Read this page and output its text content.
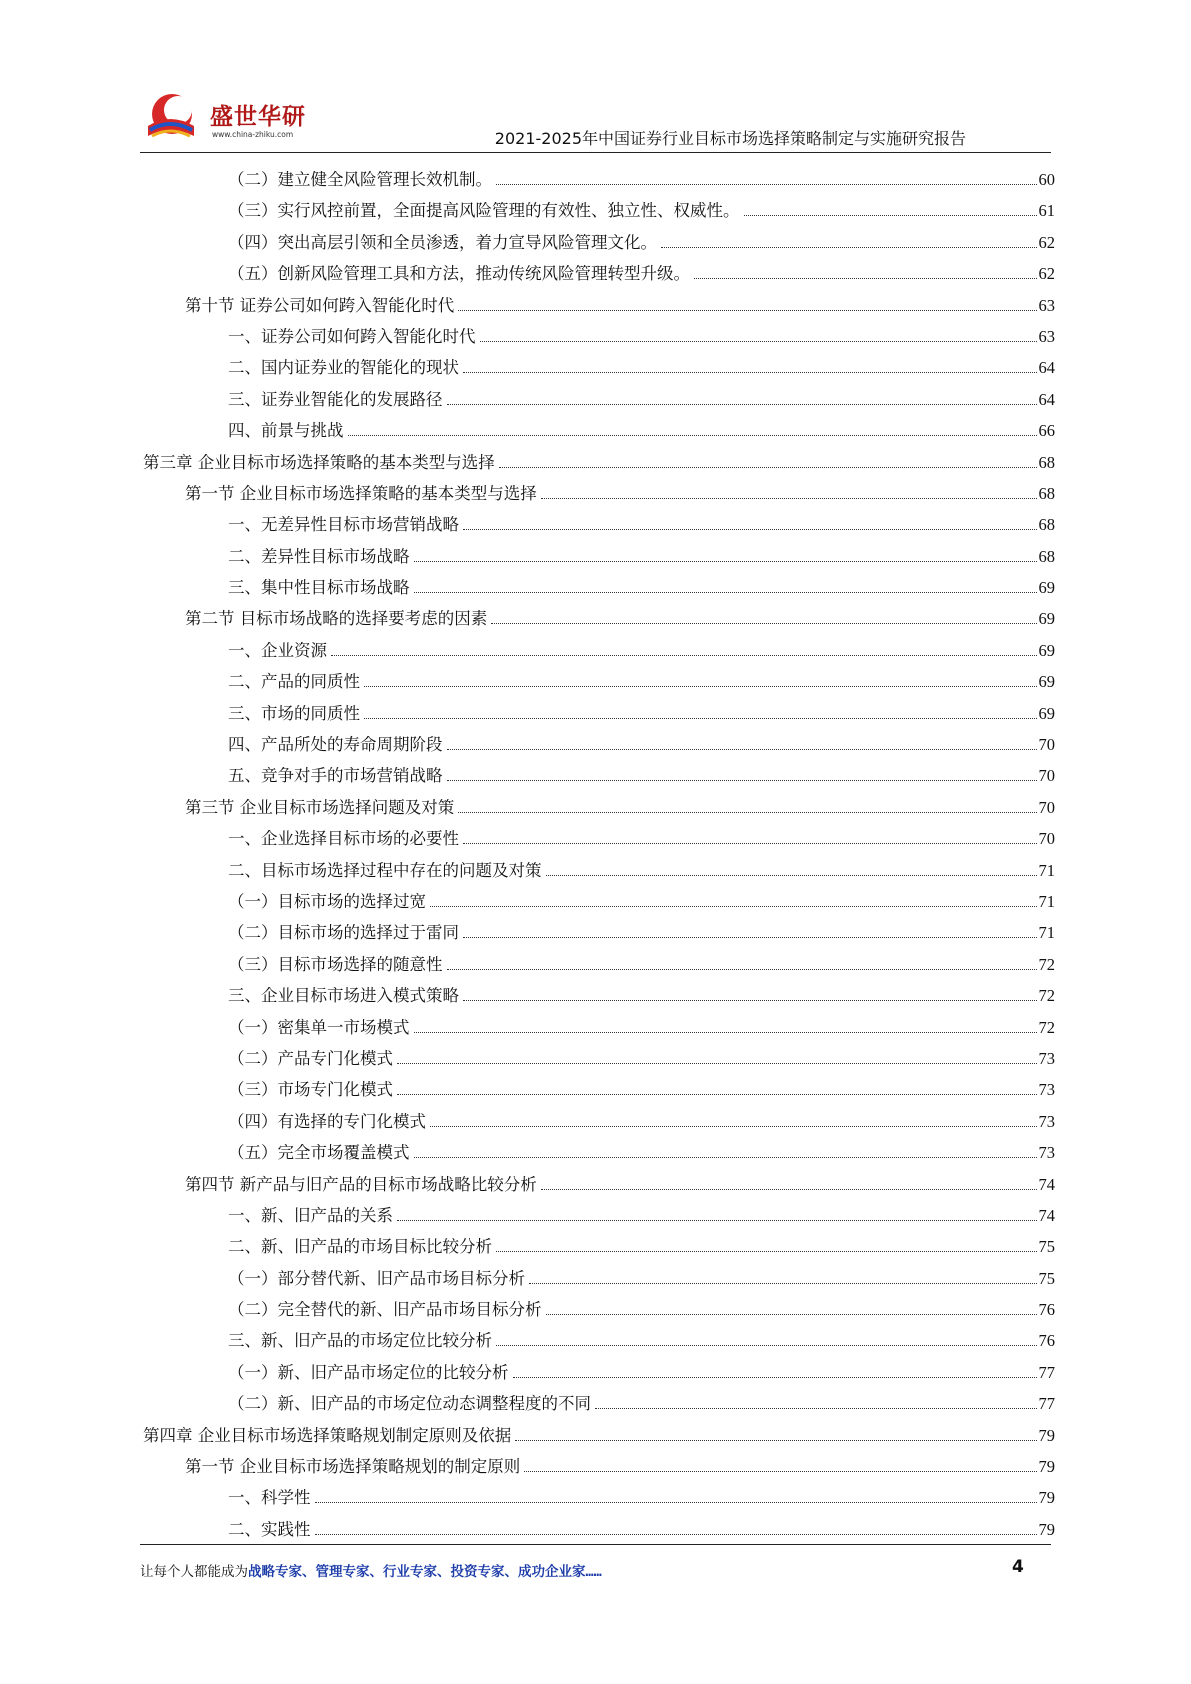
盛世华研
www.china-zhiku.com	2021-2025年中国证券行业目标市场选择策略制定与实施研究报告
（二）建立健全风险管理长效机制。	60
（三）实行风控前置，全面提高风险管理的有效性、独立性、权威性。	61
（四）突出高层引领和全员渗透，着力宣导风险管理文化。	62
（五）创新风险管理工具和方法，推动传统风险管理转型升级。	62
第十节 证券公司如何跨入智能化时代	63
一、证券公司如何跨入智能化时代	63
二、国内证券业的智能化的现状	64
三、证券业智能化的发展路径	64
四、前景与挑战	66
第三章 企业目标市场选择策略的基本类型与选择	68
第一节 企业目标市场选择策略的基本类型与选择	68
一、无差异性目标市场营销战略	68
二、差异性目标市场战略	68
三、集中性目标市场战略	69
第二节 目标市场战略的选择要考虑的因素	69
一、企业资源	69
二、产品的同质性	69
三、市场的同质性	69
四、产品所处的寿命周期阶段	70
五、竞争对手的市场营销战略	70
第三节 企业目标市场选择问题及对策	70
一、企业选择目标市场的必要性	70
二、目标市场选择过程中存在的问题及对策	71
（一）目标市场的选择过宽	71
（二）目标市场的选择过于雷同	71
（三）目标市场选择的随意性	72
三、企业目标市场进入模式策略	72
（一）密集单一市场模式	72
（二）产品专门化模式	73
（三）市场专门化模式	73
（四）有选择的专门化模式	73
（五）完全市场覆盖模式	73
第四节 新产品与旧产品的目标市场战略比较分析	74
一、新、旧产品的关系	74
二、新、旧产品的市场目标比较分析	75
（一）部分替代新、旧产品市场目标分析	75
（二）完全替代的新、旧产品市场目标分析	76
三、新、旧产品的市场定位比较分析	76
（一）新、旧产品市场定位的比较分析	77
（二）新、旧产品的市场定位动态调整程度的不同	77
第四章 企业目标市场选择策略规划制定原则及依据	79
第一节 企业目标市场选择策略规划的制定原则	79
一、科学性	79
二、实践性	79
让每个人都能成为战略专家、管理专家、行业专家、投资专家、成功企业家……	4
